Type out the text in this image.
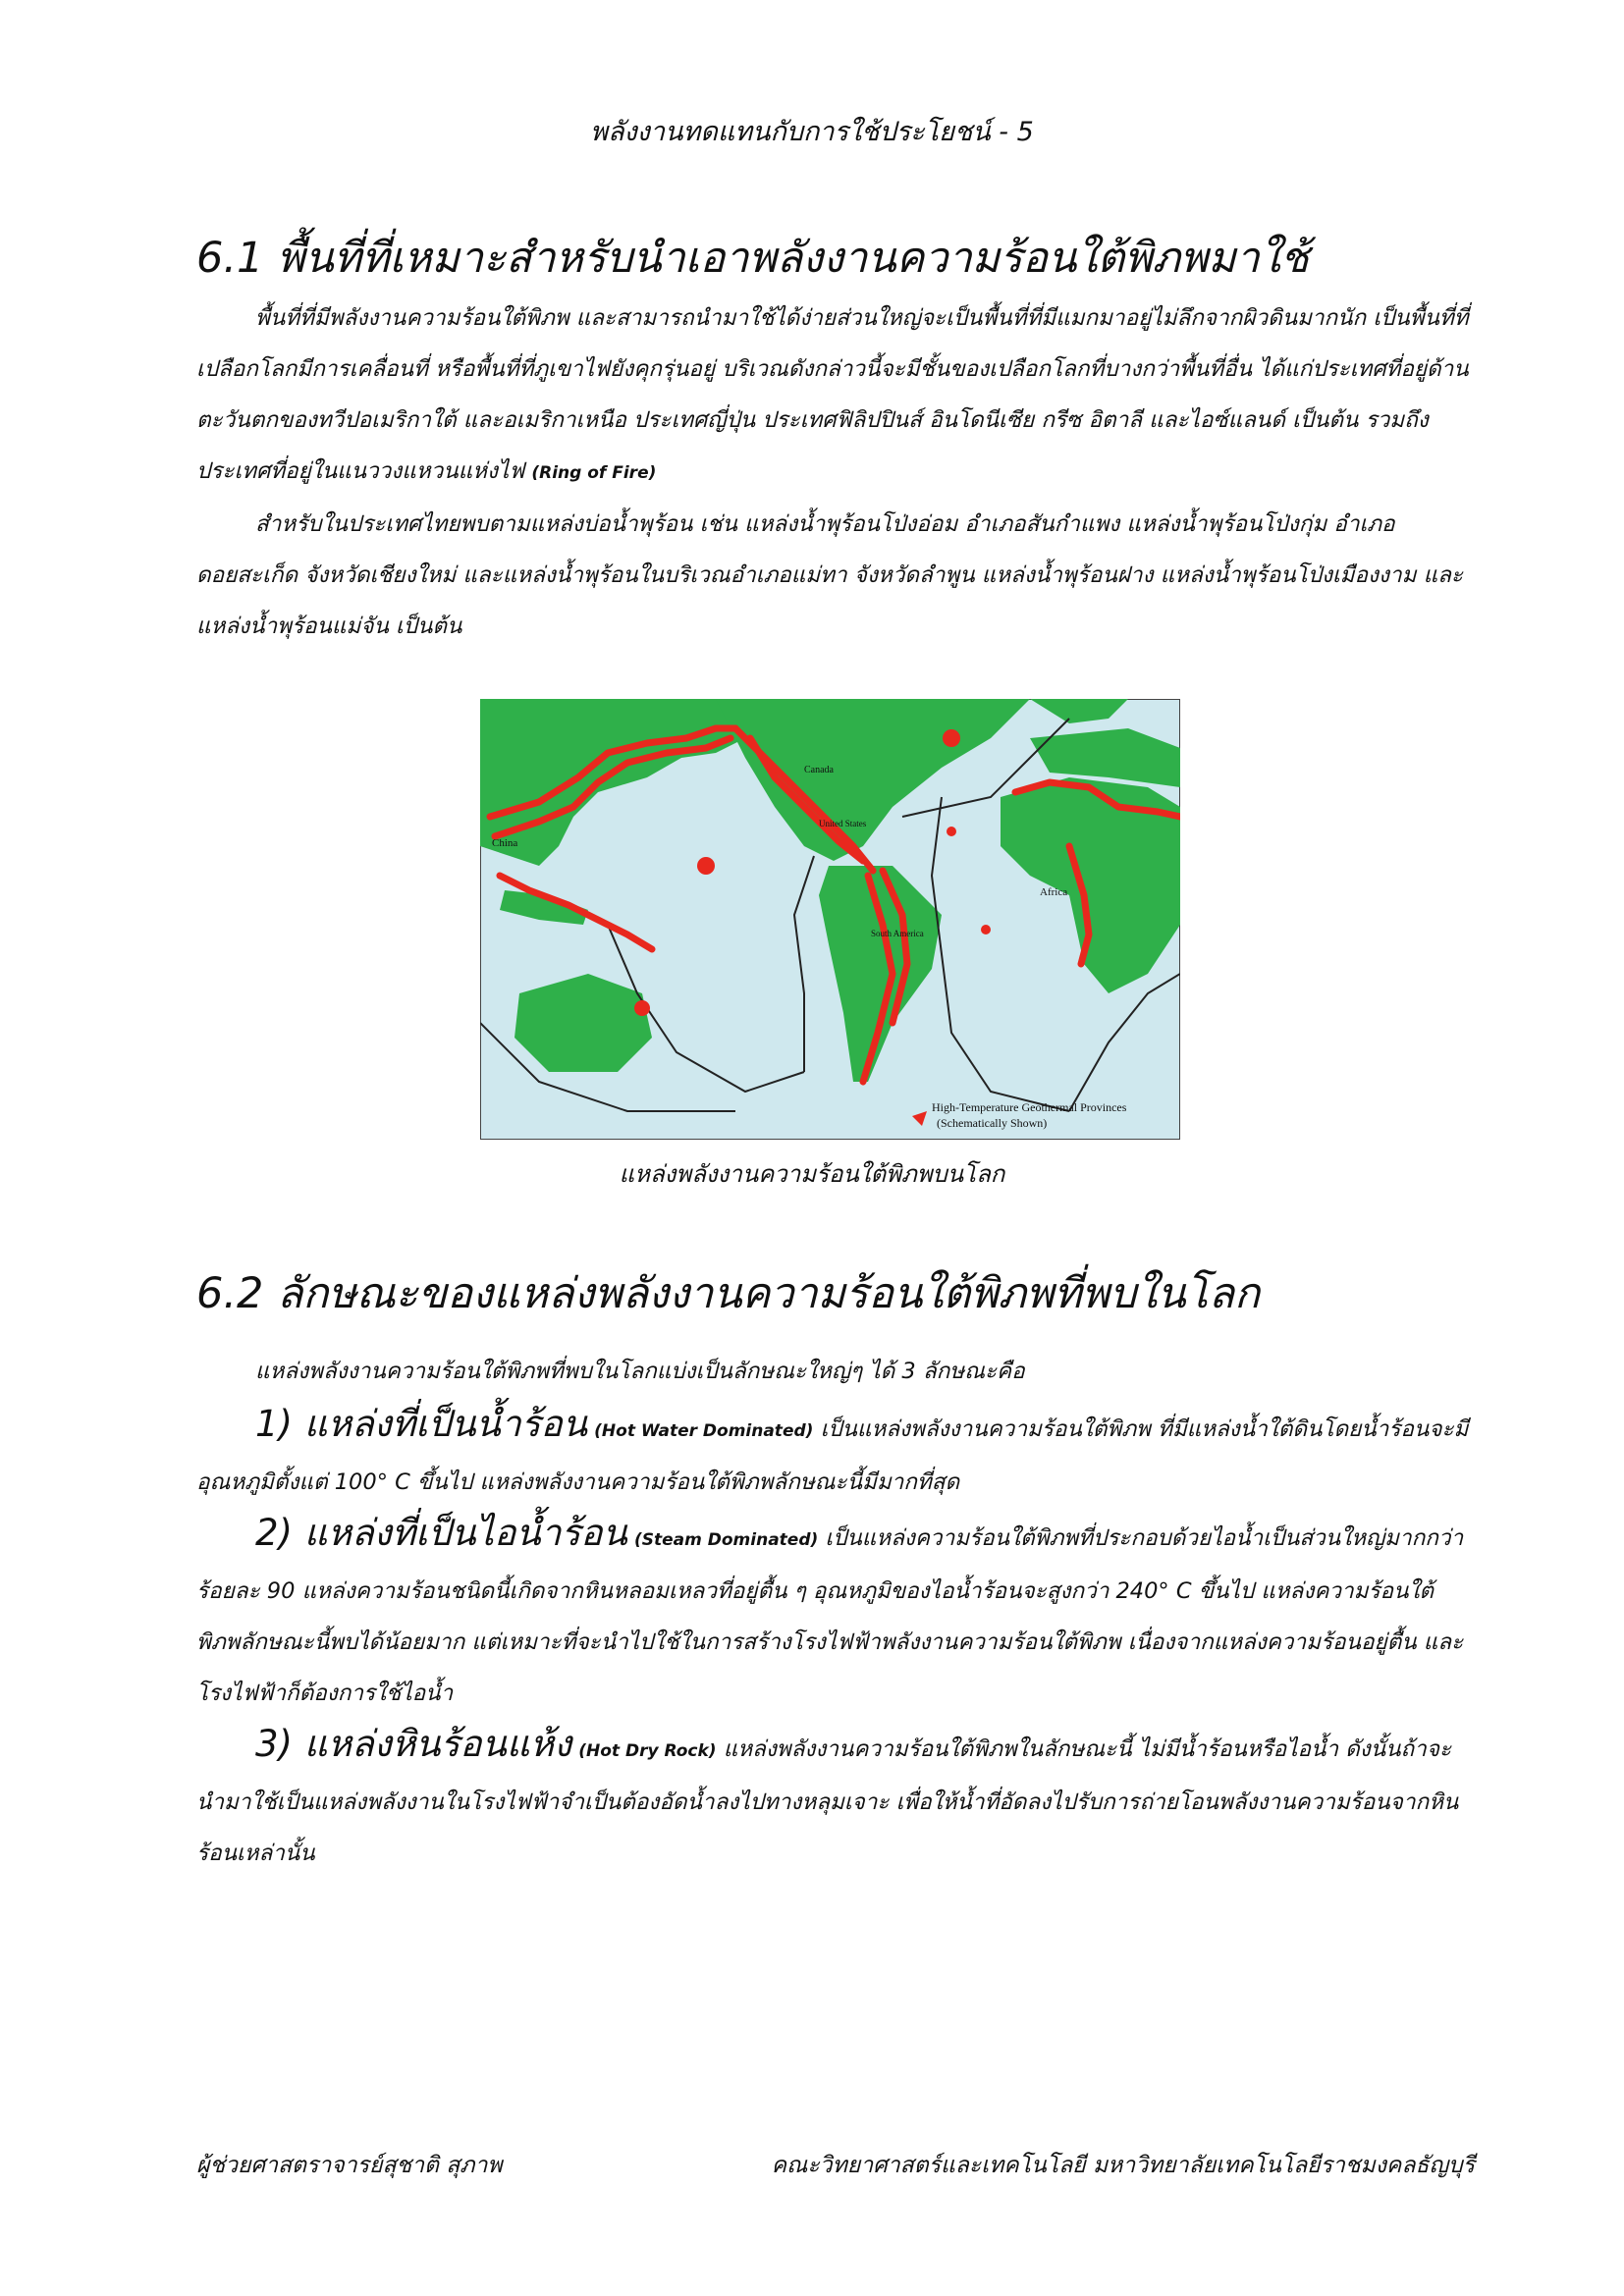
พลังงานทดแทนกับการใช้ประโยชน์ - 5
6.1 พื้นที่ที่เหมาะสำหรับนำเอาพลังงานความร้อนใต้พิภพมาใช้

พื้นที่ที่มีพลังงานความร้อนใต้พิภพ และสามารถนำมาใช้ได้ง่ายส่วนใหญ่จะเป็นพื้นที่ที่มีแมกมาอยู่ไม่ลึกจากผิวดินมากนัก เป็นพื้นที่ที่เปลือกโลกมีการเคลื่อนที่ หรือพื้นที่ที่ภูเขาไฟยังคุกรุ่นอยู่ บริเวณดังกล่าวนี้จะมีชั้นของเปลือกโลกที่บางกว่าพื้นที่อื่น ได้แก่ประเทศที่อยู่ด้านตะวันตกของทวีปอเมริกาใต้ และอเมริกาเหนือ ประเทศญี่ปุ่น ประเทศฟิลิปปินส์ อินโดนีเซีย กรีซ อิตาลี และไอซ์แลนด์ เป็นต้น รวมถึงประเทศที่อยู่ในแนววงแหวนแห่งไฟ (Ring of Fire)

สำหรับในประเทศไทยพบตามแหล่งบ่อน้ำพุร้อน เช่น แหล่งน้ำพุร้อนโป่งอ่อม อำเภอสันกำแพง แหล่งน้ำพุร้อนโป่งกุ่ม อำเภอดอยสะเก็ด จังหวัดเชียงใหม่ และแหล่งน้ำพุร้อนในบริเวณอำเภอแม่ทา จังหวัดลำพูน แหล่งน้ำพุร้อนฝาง แหล่งน้ำพุร้อนโป่งเมืองงาม และ แหล่งน้ำพุร้อนแม่จัน เป็นต้น

China
Canada
United States
Africa
South America
High-Temperature Geothermal Provinces
(Schematically Shown)
แหล่งพลังงานความร้อนใต้พิภพบนโลก
6.2 ลักษณะของแหล่งพลังงานความร้อนใต้พิภพที่พบในโลก

แหล่งพลังงานความร้อนใต้พิภพที่พบในโลกแบ่งเป็นลักษณะใหญ่ๆ ได้ 3 ลักษณะคือ

1) แหล่งที่เป็นน้ำร้อน (Hot Water Dominated) เป็นแหล่งพลังงานความร้อนใต้พิภพ ที่มีแหล่งน้ำใต้ดินโดยน้ำร้อนจะมีอุณหภูมิตั้งแต่ 100° C ขึ้นไป แหล่งพลังงานความร้อนใต้พิภพลักษณะนี้มีมากที่สุด

2) แหล่งที่เป็นไอน้ำร้อน (Steam Dominated) เป็นแหล่งความร้อนใต้พิภพที่ประกอบด้วยไอน้ำเป็นส่วนใหญ่มากกว่าร้อยละ 90 แหล่งความร้อนชนิดนี้เกิดจากหินหลอมเหลวที่อยู่ตื้น ๆ อุณหภูมิของไอน้ำร้อนจะสูงกว่า 240° C ขึ้นไป แหล่งความร้อนใต้พิภพลักษณะนี้พบได้น้อยมาก แต่เหมาะที่จะนำไปใช้ในการสร้างโรงไฟฟ้าพลังงานความร้อนใต้พิภพ เนื่องจากแหล่งความร้อนอยู่ตื้น และโรงไฟฟ้าก็ต้องการใช้ไอน้ำ

3) แหล่งหินร้อนแห้ง (Hot Dry Rock) แหล่งพลังงานความร้อนใต้พิภพในลักษณะนี้ ไม่มีน้ำร้อนหรือไอน้ำ ดังนั้นถ้าจะนำมาใช้เป็นแหล่งพลังงานในโรงไฟฟ้าจำเป็นต้องอัดน้ำลงไปทางหลุมเจาะ เพื่อให้น้ำที่อัดลงไปรับการถ่ายโอนพลังงานความร้อนจากหินร้อนเหล่านั้น

ผู้ช่วยศาสตราจารย์สุชาติ สุภาพ	คณะวิทยาศาสตร์และเทคโนโลยี มหาวิทยาลัยเทคโนโลยีราชมงคลธัญบุรี
